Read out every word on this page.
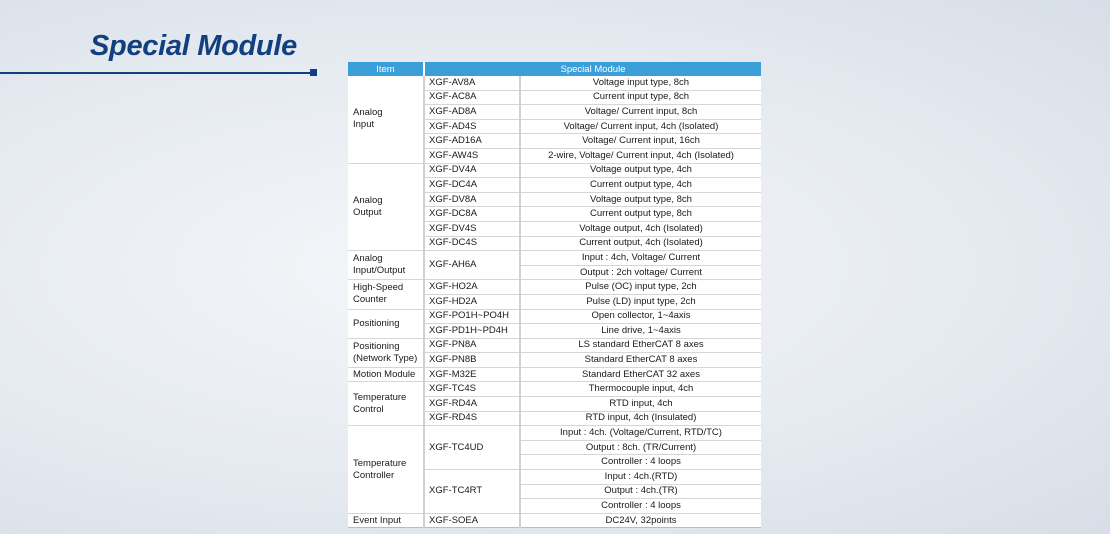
Special Module
Item	Special Module	
Analog
Input	XGF-AV8A	Voltage input type, 8ch
	XGF-AC8A	Current input type, 8ch
	XGF-AD8A	Voltage/ Current input, 8ch
	XGF-AD4S	Voltage/ Current input, 4ch (Isolated)
	XGF-AD16A	Voltage/ Current input, 16ch
	XGF-AW4S	2-wire, Voltage/ Current input, 4ch (Isolated)
Analog
Output	XGF-DV4A	Voltage output type, 4ch
	XGF-DC4A	Current output type, 4ch
	XGF-DV8A	Voltage output type, 8ch
	XGF-DC8A	Current output type, 8ch
	XGF-DV4S	Voltage output, 4ch (Isolated)
	XGF-DC4S	Current output, 4ch (Isolated)
Analog
Input/Output	XGF-AH6A	Input : 4ch, Voltage/ Current
		Output : 2ch voltage/ Current
High-Speed
Counter	XGF-HO2A	Pulse (OC) input type, 2ch
	XGF-HD2A	Pulse (LD) input type, 2ch
Positioning	XGF-PO1H~PO4H	Open collector, 1~4axis
	XGF-PD1H~PD4H	Line drive, 1~4axis
Positioning
(Network Type)	XGF-PN8A	LS standard EtherCAT 8 axes
	XGF-PN8B	Standard EtherCAT 8 axes
Motion Module	XGF-M32E	Standard EtherCAT 32 axes
Temperature
Control	XGF-TC4S	Thermocouple input, 4ch
	XGF-RD4A	RTD input, 4ch
	XGF-RD4S	RTD input, 4ch (Insulated)
Temperature
Controller	XGF-TC4UD	Input : 4ch. (Voltage/Current, RTD/TC)
		Output : 8ch. (TR/Current)
		Controller : 4 loops
	XGF-TC4RT	Input : 4ch.(RTD)
		Output : 4ch.(TR)
		Controller : 4 loops
Event Input	XGF-SOEA	DC24V, 32points
